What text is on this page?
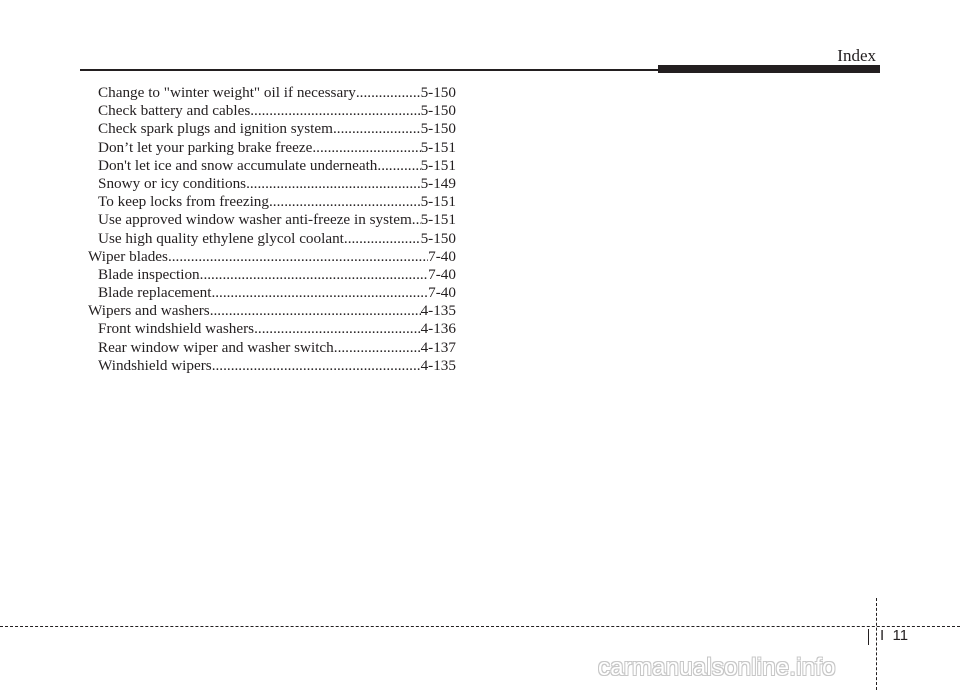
Index
Change to "winter weight" oil if necessary .....	5-150
Check battery and cables .....	5-150
Check spark plugs and ignition system .....	5-150
Don’t let your parking brake freeze .....	5-151
Don't let ice and snow accumulate underneath .....	5-151
Snowy or icy conditions .....	5-149
To keep locks from freezing .....	5-151
Use approved window washer anti-freeze in system ..... 5-151
Use high quality ethylene glycol coolant .....	5-150
Wiper blades .....	7-40
Blade inspection .....	7-40
Blade replacement .....	7-40
Wipers and washers .....	4-135
Front windshield washers .....	4-136
Rear window wiper and washer switch .....	4-137
Windshield wipers .....	4-135
I 11
carmanualsonline.info
